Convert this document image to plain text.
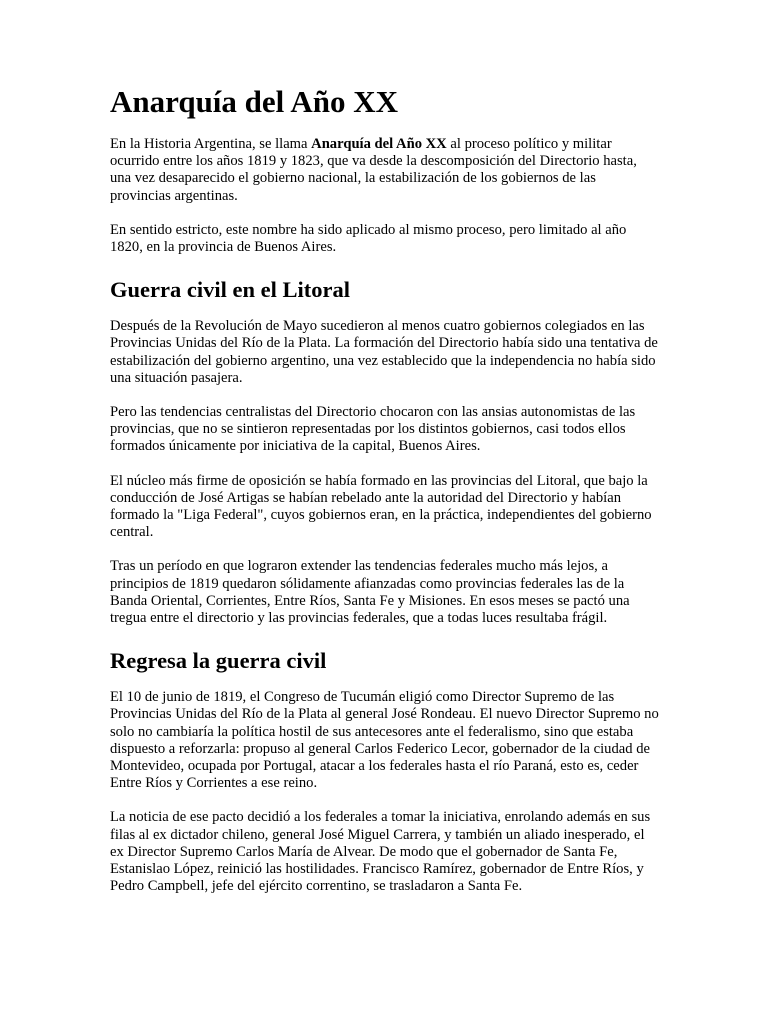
Anarquía del Año XX

En la Historia Argentina, se llama Anarquía del Año XX al proceso político y militar ocurrido entre los años 1819 y 1823, que va desde la descomposición del Directorio hasta, una vez desaparecido el gobierno nacional, la estabilización de los gobiernos de las provincias argentinas.

En sentido estricto, este nombre ha sido aplicado al mismo proceso, pero limitado al año 1820, en la provincia de Buenos Aires.

Guerra civil en el Litoral

Después de la Revolución de Mayo sucedieron al menos cuatro gobiernos colegiados en las Provincias Unidas del Río de la Plata. La formación del Directorio había sido una tentativa de estabilización del gobierno argentino, una vez establecido que la independencia no había sido una situación pasajera.

Pero las tendencias centralistas del Directorio chocaron con las ansias autonomistas de las provincias, que no se sintieron representadas por los distintos gobiernos, casi todos ellos formados únicamente por iniciativa de la capital, Buenos Aires.

El núcleo más firme de oposición se había formado en las provincias del Litoral, que bajo la conducción de José Artigas se habían rebelado ante la autoridad del Directorio y habían formado la "Liga Federal", cuyos gobiernos eran, en la práctica, independientes del gobierno central.

Tras un período en que lograron extender las tendencias federales mucho más lejos, a principios de 1819 quedaron sólidamente afianzadas como provincias federales las de la Banda Oriental, Corrientes, Entre Ríos, Santa Fe y Misiones. En esos meses se pactó una tregua entre el directorio y las provincias federales, que a todas luces resultaba frágil.

Regresa la guerra civil

El 10 de junio de 1819, el Congreso de Tucumán eligió como Director Supremo de las Provincias Unidas del Río de la Plata al general José Rondeau. El nuevo Director Supremo no solo no cambiaría la política hostil de sus antecesores ante el federalismo, sino que estaba dispuesto a reforzarla: propuso al general Carlos Federico Lecor, gobernador de la ciudad de Montevideo, ocupada por Portugal, atacar a los federales hasta el río Paraná, esto es, ceder Entre Ríos y Corrientes a ese reino.

La noticia de ese pacto decidió a los federales a tomar la iniciativa, enrolando además en sus filas al ex dictador chileno, general José Miguel Carrera, y también un aliado inesperado, el ex Director Supremo Carlos María de Alvear. De modo que el gobernador de Santa Fe, Estanislao López, reinició las hostilidades. Francisco Ramírez, gobernador de Entre Ríos, y Pedro Campbell, jefe del ejército correntino, se trasladaron a Santa Fe.
